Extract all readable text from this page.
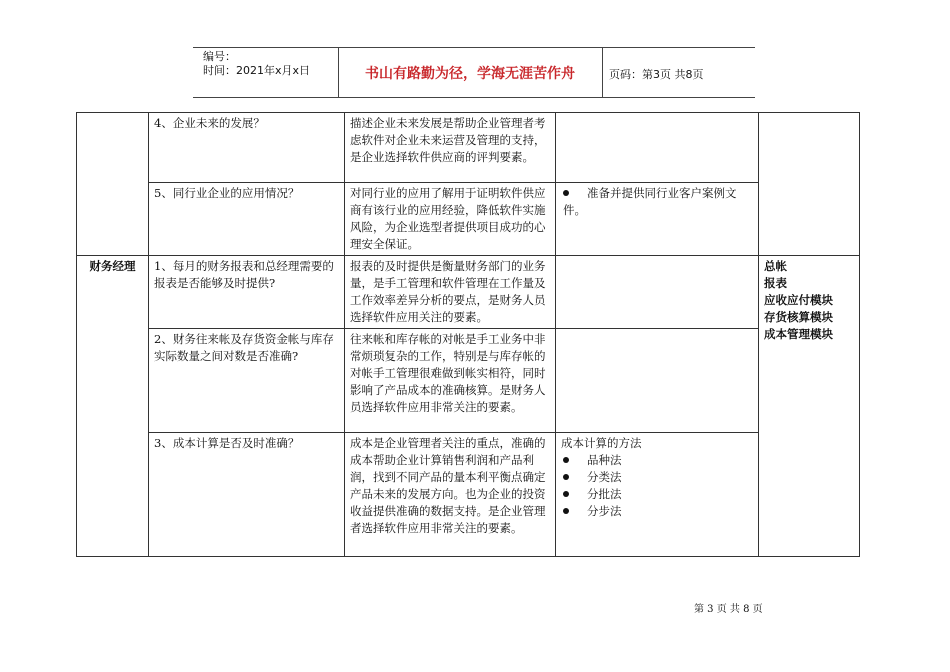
编号：
时间：2021年x月x日	书山有路勤为径，学海无涯苦作舟	页码：第3页 共8页
	4、企业未来的发展？	描述企业未来发展是帮助企业管理者考虑软件对企业未来运营及管理的支持，是企业选择软件供应商的评判要素。		
	5、同行业企业的应用情况？	对同行业的应用了解用于证明软件供应商有该行业的应用经验，降低软件实施风险，为企业选型者提供项目成功的心理安全保证。	准备并提供同行业客户案例文件。	

财务经理	1、每月的财务报表和总经理需要的报表是否能够及时提供?	报表的及时提供是衡量财务部门的业务量，是手工管理和软件管理在工作量及工作效率差异分析的要点，是财务人员选择软件应用关注的要素。		总帐
报表
应收应付模块
存货核算模块
成本管理模块

	2、财务往来帐及存货资金帐与库存实际数量之间对数是否准确?	往来帐和库存帐的对帐是手工业务中非常烦琐复杂的工作，特别是与库存帐的对帐手工管理很难做到帐实相符，同时影响了产品成本的准确核算。是财务人员选择软件应用非常关注的要素。		
	3、成本计算是否及时准确？	成本是企业管理者关注的重点，准确的成本帮助企业计算销售利润和产品利润，找到不同产品的量本利平衡点确定产品未来的发展方向。也为企业的投资收益提供准确的数据支持。是企业管理者选择软件应用非常关注的要素。	成本计算的方法
品种法
分类法
分批法
分步法	
第 3 页 共 8 页
